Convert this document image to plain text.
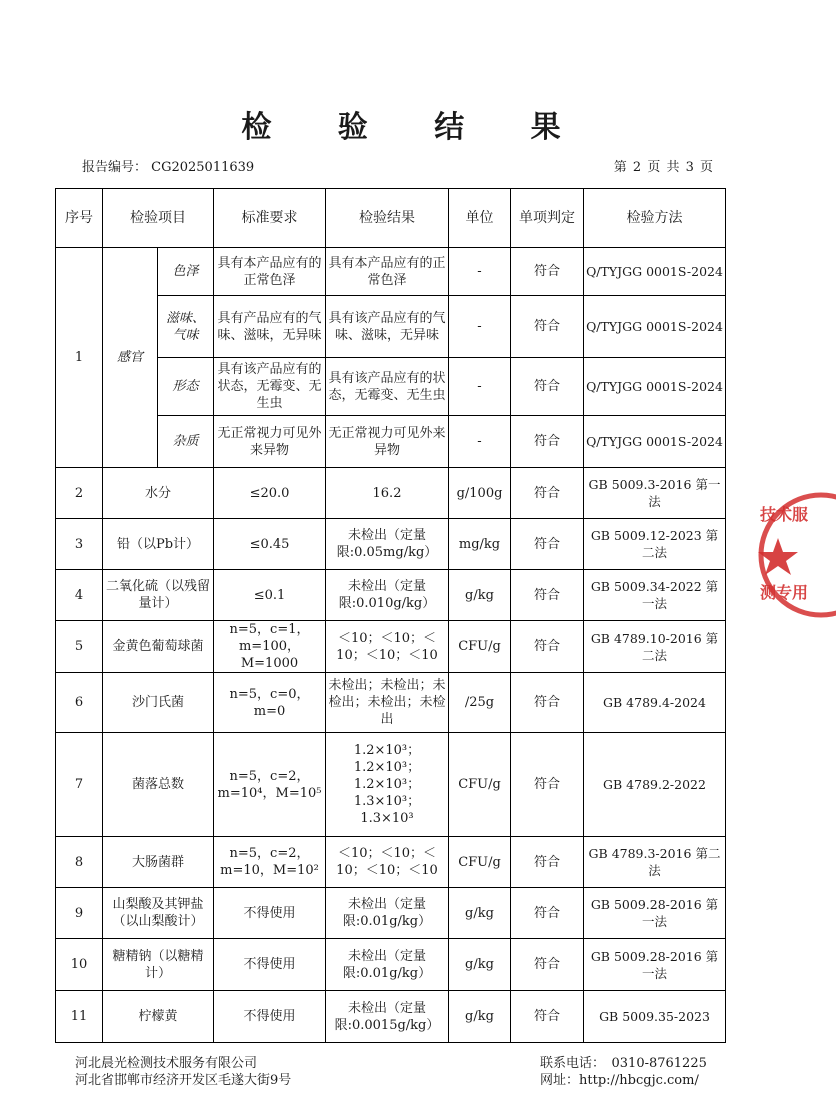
检 验 结 果
报告编号： CG2025011639	第 2 页 共 3 页
序号	检验项目		标准要求	检验结果	单位	单项判定	检验方法
1	感官	色泽	具有本产品应有的正常色泽	具有本产品应有的正常色泽	-	符合	Q/TYJGG 0001S-2024
		滋味、气味	具有产品应有的气味、滋味，无异味	具有该产品应有的气味、滋味，无异味	-	符合	Q/TYJGG 0001S-2024
		形态	具有该产品应有的状态，无霉变、无生虫	具有该产品应有的状态，无霉变、无生虫	-	符合	Q/TYJGG 0001S-2024
		杂质	无正常视力可见外来异物	无正常视力可见外来异物	-	符合	Q/TYJGG 0001S-2024
2	水分		≤20.0	16.2	g/100g	符合	GB 5009.3-2016 第一法
3	铅（以Pb计）		≤0.45	未检出（定量限:0.05mg/kg）	mg/kg	符合	GB 5009.12-2023 第二法
4	二氧化硫（以残留量计）		≤0.1	未检出（定量限:0.010g/kg）	g/kg	符合	GB 5009.34-2022 第一法
5	金黄色葡萄球菌		n=5，c=1，m=100，M=1000	＜10；＜10；＜10；＜10；＜10	CFU/g	符合	GB 4789.10-2016 第二法
6	沙门氏菌		n=5，c=0，m=0	未检出；未检出；未检出；未检出；未检出	/25g	符合	GB 4789.4-2024
7	菌落总数		n=5，c=2，m=10⁴，M=10⁵	1.2×10³；1.2×10³；1.2×10³；1.3×10³；1.3×10³	CFU/g	符合	GB 4789.2-2022
8	大肠菌群		n=5，c=2，m=10，M=10²	＜10；＜10；＜10；＜10；＜10	CFU/g	符合	GB 4789.3-2016 第二法
9	山梨酸及其钾盐（以山梨酸计）		不得使用	未检出（定量限:0.01g/kg）	g/kg	符合	GB 5009.28-2016 第一法
10	糖精钠（以糖精计）		不得使用	未检出（定量限:0.01g/kg）	g/kg	符合	GB 5009.28-2016 第一法
11	柠檬黄		不得使用	未检出（定量限:0.0015g/kg）	g/kg	符合	GB 5009.35-2023
河北晨光检测技术服务有限公司
河北省邯郸市经济开发区毛遂大街9号
联系电话：　0310-8761225
网址：http://hbcgjc.com/
技术服
测专用
